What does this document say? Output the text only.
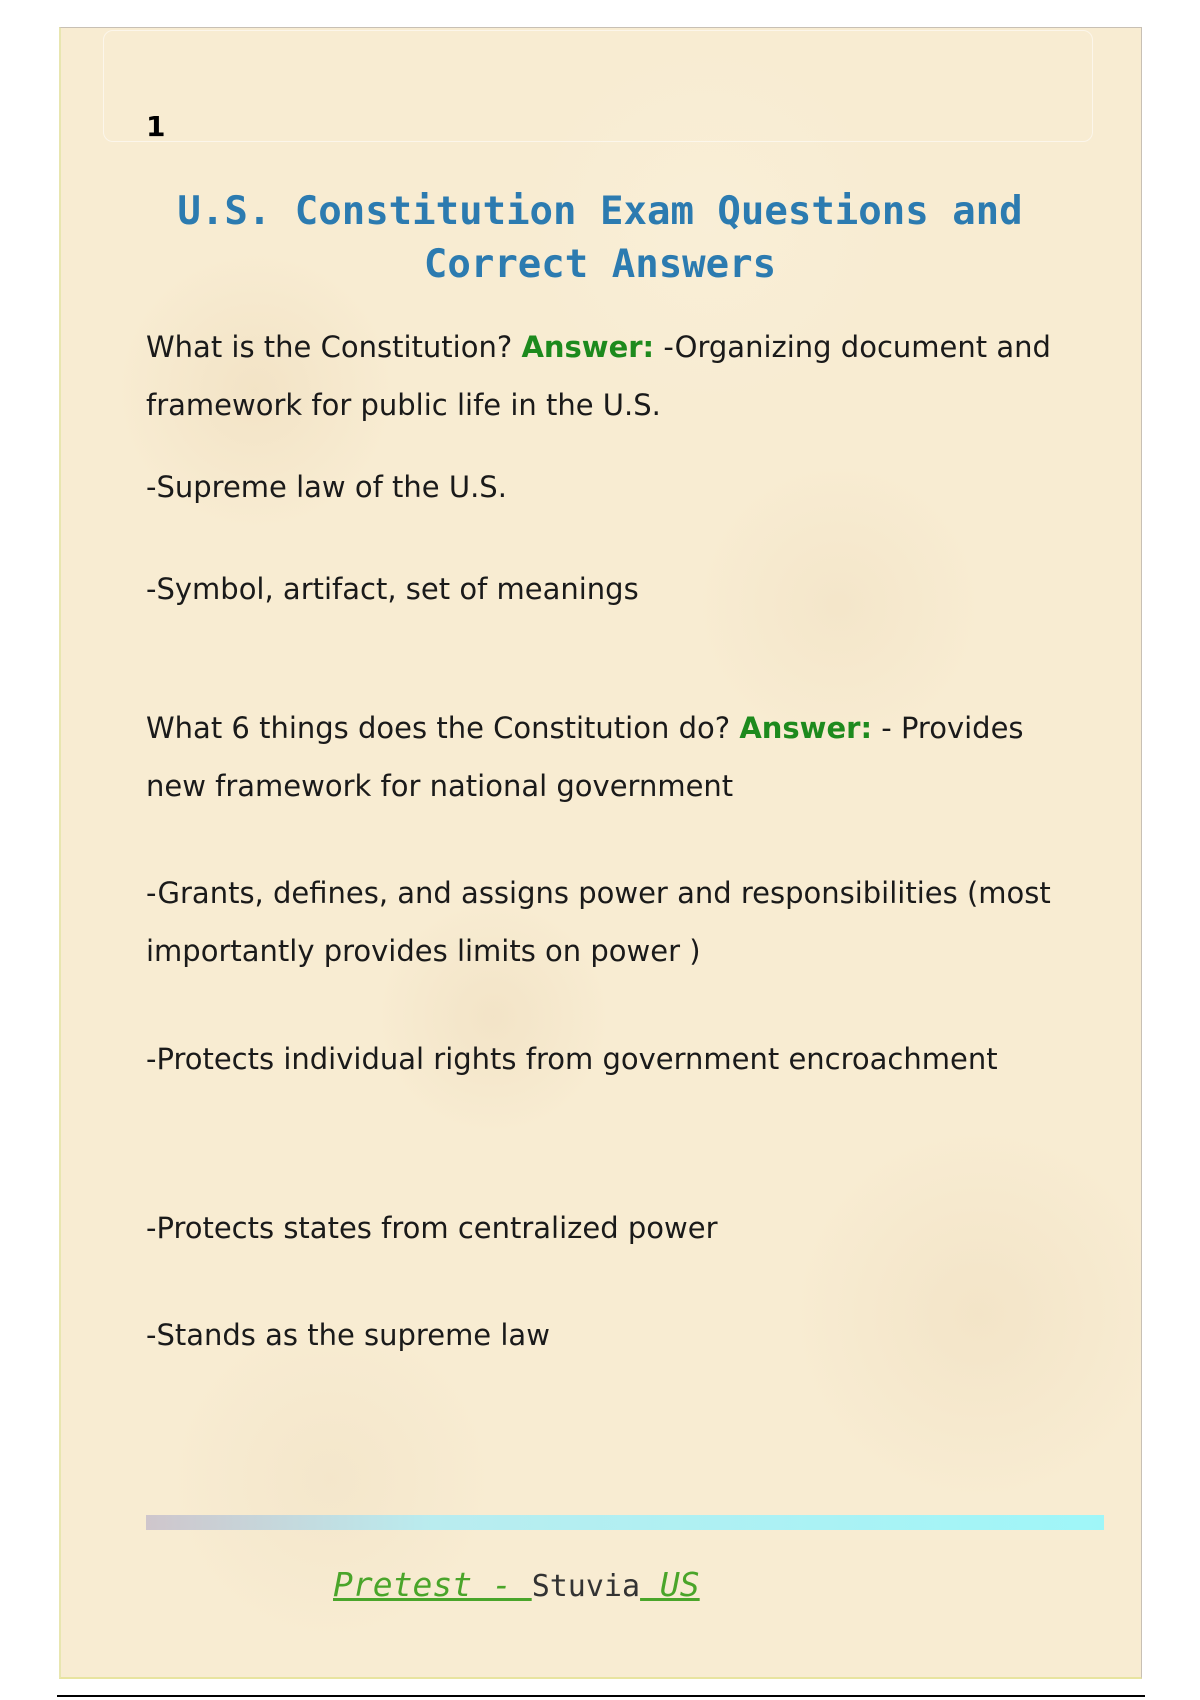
1
U.S. Constitution Exam Questions and Correct Answers

What is the Constitution? Answer: -Organizing document and framework for public life in the U.S.

-Supreme law of the U.S.

-Symbol, artifact, set of meanings

What 6 things does the Constitution do? Answer: - Provides new framework for national government

-Grants, defines, and assigns power and responsibilities (most importantly provides limits on power )

-Protects individual rights from government encroachment

-Protects states from centralized power

-Stands as the supreme law

Pretest - Stuvia US
